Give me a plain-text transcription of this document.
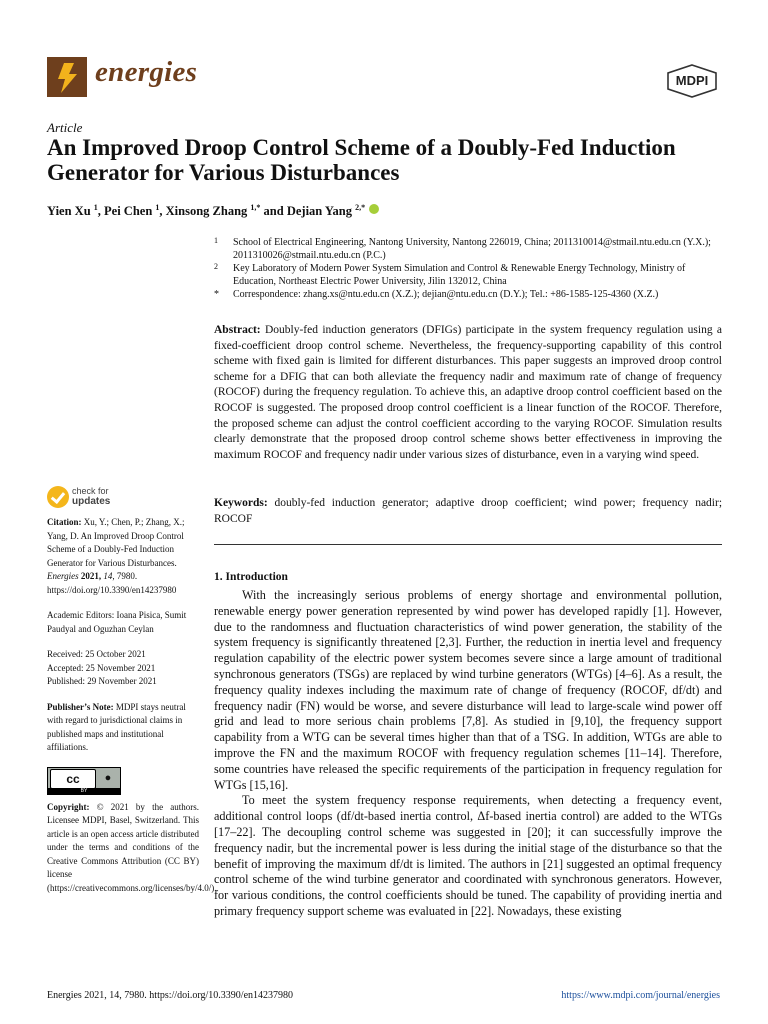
energies	MDPI
Article
An Improved Droop Control Scheme of a Doubly-Fed Induction Generator for Various Disturbances
Yien Xu $^1$, Pei Chen $^1$, Xinsong Zhang $^{1,*}$ and Dejian Yang $^{2,*}$
1 School of Electrical Engineering, Nantong University, Nantong 226019, China; 2011310014@stmail.ntu.edu.cn (Y.X.); 2011310026@stmail.ntu.edu.cn (P.C.)
2 Key Laboratory of Modern Power System Simulation and Control & Renewable Energy Technology, Ministry of Education, Northeast Electric Power University, Jilin 132012, China
* Correspondence: zhang.xs@ntu.edu.cn (X.Z.); dejian@ntu.edu.cn (D.Y.); Tel.: +86-1585-125-4360 (X.Z.)
Abstract: Doubly-fed induction generators (DFIGs) participate in the system frequency regulation using a fixed-coefficient droop control scheme. Nevertheless, the frequency-supporting capability of this control scheme with fixed gain is limited for different disturbances. This paper suggests an improved droop control scheme for a DFIG that can both alleviate the frequency nadir and maximum rate of change of frequency (ROCOF) during the frequency regulation. To achieve this, an adaptive droop control coefficient based on the ROCOF is suggested. The proposed droop control coefficient is a linear function of the ROCOF. Therefore, the proposed scheme can adjust the control coefficient according to the varying ROCOF. Simulation results clearly demonstrate that the proposed droop control scheme shows better effectiveness in improving the maximum ROCOF and frequency nadir under various sizes of disturbance, even in a varying wind speed.
Keywords: doubly-fed induction generator; adaptive droop coefficient; wind power; frequency nadir; ROCOF
check for
updates
Citation: Xu, Y.; Chen, P.; Zhang, X.; Yang, D. An Improved Droop Control Scheme of a Doubly-Fed Induction Generator for Various Disturbances. Energies 2021, 14, 7980. https://doi.org/10.3390/en14237980
Academic Editors: Ioana Pisica, Sumit Paudyal and Oguzhan Ceylan
Received: 25 October 2021
Accepted: 25 November 2021
Published: 29 November 2021
Publisher’s Note: MDPI stays neutral with regard to jurisdictional claims in published maps and institutional affiliations.
cc	●
BY
Copyright: © 2021 by the authors. Licensee MDPI, Basel, Switzerland. This article is an open access article distributed under the terms and conditions of the Creative Commons Attribution (CC BY) license (https://creativecommons.org/licenses/by/4.0/).
1. Introduction

With the increasingly serious problems of energy shortage and environmental pollution, renewable energy power generation represented by wind power has developed rapidly [1]. However, due to the randomness and fluctuation characteristics of wind power generation, the stability of the system frequency is significantly threatened [2,3]. Further, the reduction in inertia level and frequency regulation capability of the electric power system becomes severe since a large amount of traditional synchronous generators (TSGs) are replaced by wind turbine generators (WTGs) [4–6]. As a result, the frequency quality indexes including the maximum rate of change of frequency (ROCOF, df/dt) and frequency nadir (FN) would be worse, and severe disturbance will lead to large-scale wind power off grid and lead to more serious chain problems [7,8]. As studied in [9,10], the frequency support capability from a WTG can be several times higher than that of a TSG. In addition, WTGs are able to improve the FN and the maximum ROCOF with frequency regulation schemes [11–14]. Therefore, some countries have released the specific requirements of the participation in frequency regulation for WTGs [15,16].

To meet the system frequency response requirements, when detecting a frequency event, additional control loops (df/dt-based inertia control, Δf-based inertia control) are added to the WTGs [17–22]. The decoupling control scheme was suggested in [20]; it can successfully improve the frequency nadir, but the incremental power is less during the initial stage of the disturbance so that the benefit of improving the maximum df/dt is limited. The authors in [21] suggested an optimal frequency control scheme of the wind turbine generator and coordinated with synchronous generators. However, for various conditions, the control coefficients should be tuned. The capability of providing inertia and primary frequency support scheme was evaluated in [22]. Nowadays, these existing

Energies 2021, 14, 7980. https://doi.org/10.3390/en14237980	https://www.mdpi.com/journal/energies
